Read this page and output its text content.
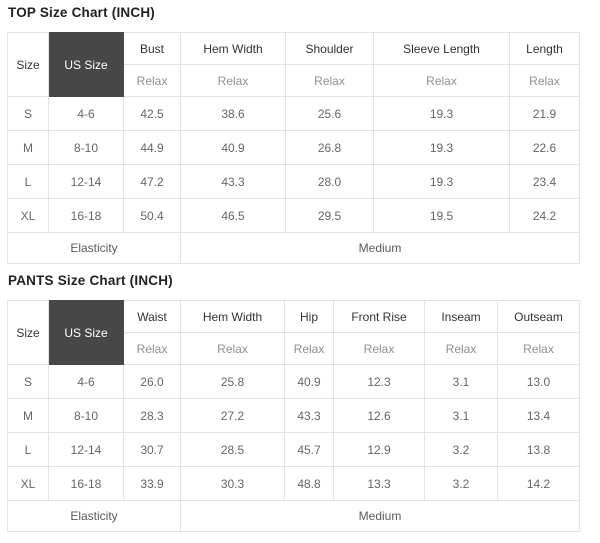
TOP Size Chart (INCH)
Size	US Size	Bust	Hem Width	Shoulder	Sleeve Length	Length
		Relax	Relax	Relax	Relax	Relax
S	4-6	42.5	38.6	25.6	19.3	21.9
M	8-10	44.9	40.9	26.8	19.3	22.6
L	12-14	47.2	43.3	28.0	19.3	23.4
XL	16-18	50.4	46.5	29.5	19.5	24.2
Elasticity			Medium			
PANTS Size Chart (INCH)
Size	US Size	Waist	Hem Width	Hip	Front Rise	Inseam	Outseam
		Relax	Relax	Relax	Relax	Relax	Relax
S	4-6	26.0	25.8	40.9	12.3	3.1	13.0
M	8-10	28.3	27.2	43.3	12.6	3.1	13.4
L	12-14	30.7	28.5	45.7	12.9	3.2	13.8
XL	16-18	33.9	30.3	48.8	13.3	3.2	14.2
Elasticity			Medium				
